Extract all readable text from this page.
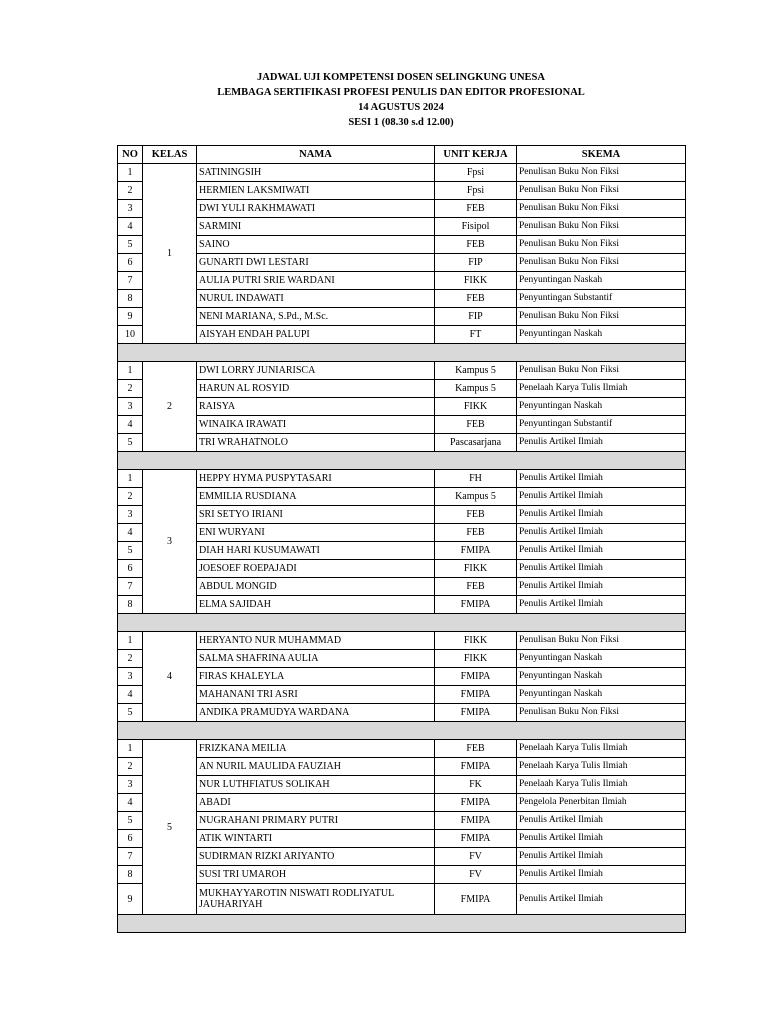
JADWAL UJI KOMPETENSI DOSEN SELINGKUNG UNESA
LEMBAGA SERTIFIKASI PROFESI PENULIS DAN EDITOR PROFESIONAL
14 AGUSTUS 2024
SESI 1 (08.30 s.d 12.00)
NO	KELAS	NAMA	UNIT KERJA	SKEMA
1	1	SATININGSIH	Fpsi	Penulisan Buku Non Fiksi
2		HERMIEN LAKSMIWATI	Fpsi	Penulisan Buku Non Fiksi
3		DWI YULI RAKHMAWATI	FEB	Penulisan Buku Non Fiksi
4		SARMINI	Fisipol	Penulisan Buku Non Fiksi
5		SAINO	FEB	Penulisan Buku Non Fiksi
6		GUNARTI DWI LESTARI	FIP	Penulisan Buku Non Fiksi
7		AULIA PUTRI SRIE WARDANI	FIKK	Penyuntingan Naskah
8		NURUL INDAWATI	FEB	Penyuntingan Substantif
9		NENI MARIANA, S.Pd., M.Sc.	FIP	Penulisan Buku Non Fiksi
10		AISYAH ENDAH PALUPI	FT	Penyuntingan Naskah

1	2	DWI LORRY JUNIARISCA	Kampus 5	Penulisan Buku Non Fiksi
2		HARUN AL ROSYID	Kampus 5	Penelaah Karya Tulis Ilmiah
3		RAISYA	FIKK	Penyuntingan Naskah
4		WINAIKA IRAWATI	FEB	Penyuntingan Substantif
5		TRI WRAHATNOLO	Pascasarjana	Penulis Artikel Ilmiah

1	3	HEPPY HYMA PUSPYTASARI	FH	Penulis Artikel Ilmiah
2		EMMILIA RUSDIANA	Kampus 5	Penulis Artikel Ilmiah
3		SRI SETYO IRIANI	FEB	Penulis Artikel Ilmiah
4		ENI WURYANI	FEB	Penulis Artikel Ilmiah
5		DIAH HARI KUSUMAWATI	FMIPA	Penulis Artikel Ilmiah
6		JOESOEF ROEPAJADI	FIKK	Penulis Artikel Ilmiah
7		ABDUL MONGID	FEB	Penulis Artikel Ilmiah
8		ELMA SAJIDAH	FMIPA	Penulis Artikel Ilmiah

1	4	HERYANTO NUR MUHAMMAD	FIKK	Penulisan Buku Non Fiksi
2		SALMA SHAFRINA AULIA	FIKK	Penyuntingan Naskah
3		FIRAS KHALEYLA	FMIPA	Penyuntingan Naskah
4		MAHANANI TRI ASRI	FMIPA	Penyuntingan Naskah
5		ANDIKA PRAMUDYA WARDANA	FMIPA	Penulisan Buku Non Fiksi

1	5	FRIZKANA MEILIA	FEB	Penelaah Karya Tulis Ilmiah
2		AN NURIL MAULIDA FAUZIAH	FMIPA	Penelaah Karya Tulis Ilmiah
3		NUR LUTHFIATUS SOLIKAH	FK	Penelaah Karya Tulis Ilmiah
4		ABADI	FMIPA	Pengelola Penerbitan Ilmiah
5		NUGRAHANI PRIMARY PUTRI	FMIPA	Penulis Artikel Ilmiah
6		ATIK WINTARTI	FMIPA	Penulis Artikel Ilmiah
7		SUDIRMAN RIZKI ARIYANTO	FV	Penulis Artikel Ilmiah
8		SUSI TRI UMAROH	FV	Penulis Artikel Ilmiah
9		MUKHAYYAROTIN NISWATI RODLIYATUL JAUHARIYAH	FMIPA	Penulis Artikel Ilmiah
